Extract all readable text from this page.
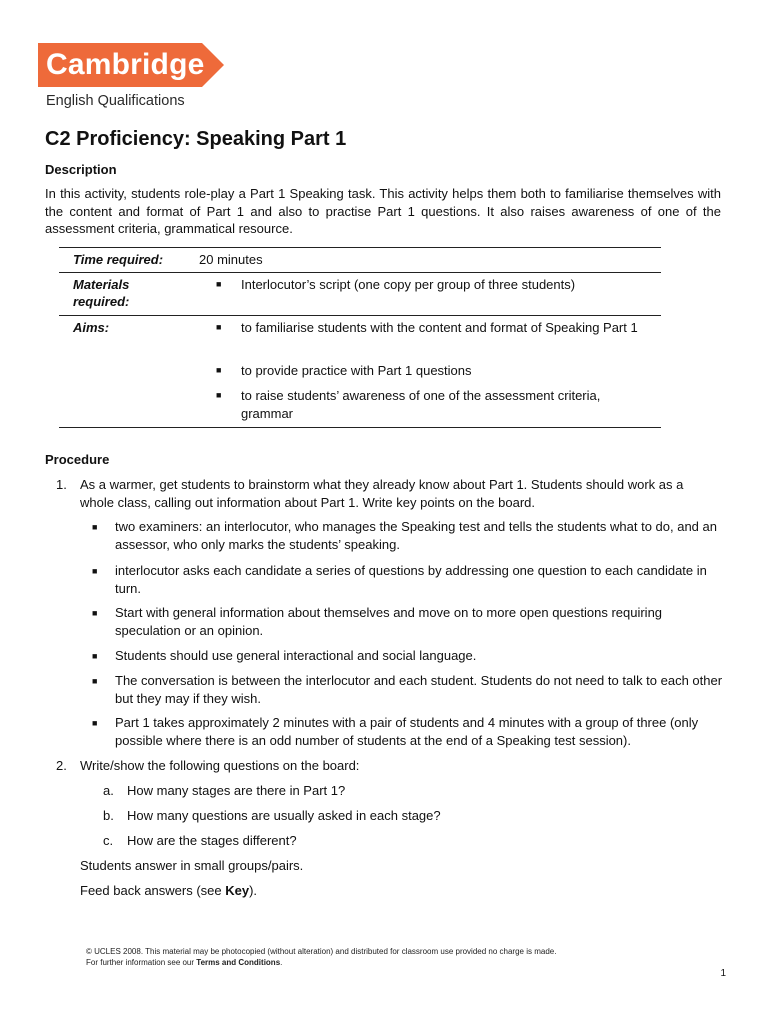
Cambridge
English Qualifications
C2 Proficiency: Speaking Part 1
Description
In this activity, students role-play a Part 1 Speaking task. This activity helps them both to familiarise themselves with the content and format of Part 1 and also to practise Part 1 questions. It also raises awareness of one of the assessment criteria, grammatical resource.
Time required:	20 minutes
Materials
required:
■ Interlocutor’s script (one copy per group of three students)
Aims:	■ to familiarise students with the content and format of Speaking Part 1
■ to provide practice with Part 1 questions
■ to raise students’ awareness of one of the assessment criteria, grammar
Procedure
1. As a warmer, get students to brainstorm what they already know about Part 1. Students should work as a whole class, calling out information about Part 1. Write key points on the board.
■ two examiners: an interlocutor, who manages the Speaking test and tells the students what to do, and an assessor, who only marks the students’ speaking.
■ interlocutor asks each candidate a series of questions by addressing one question to each candidate in turn.
■ Start with general information about themselves and move on to more open questions requiring speculation or an opinion.
■ Students should use general interactional and social language.
■ The conversation is between the interlocutor and each student. Students do not need to talk to each other but they may if they wish.
■ Part 1 takes approximately 2 minutes with a pair of students and 4 minutes with a group of three (only possible where there is an odd number of students at the end of a Speaking test session).
2. Write/show the following questions on the board:
a. How many stages are there in Part 1?
b. How many questions are usually asked in each stage?
c. How are the stages different?
Students answer in small groups/pairs.
Feed back answers (see Key).
© UCLES 2008. This material may be photocopied (without alteration) and distributed for classroom use provided no charge is made.
For further information see our Terms and Conditions.
1
